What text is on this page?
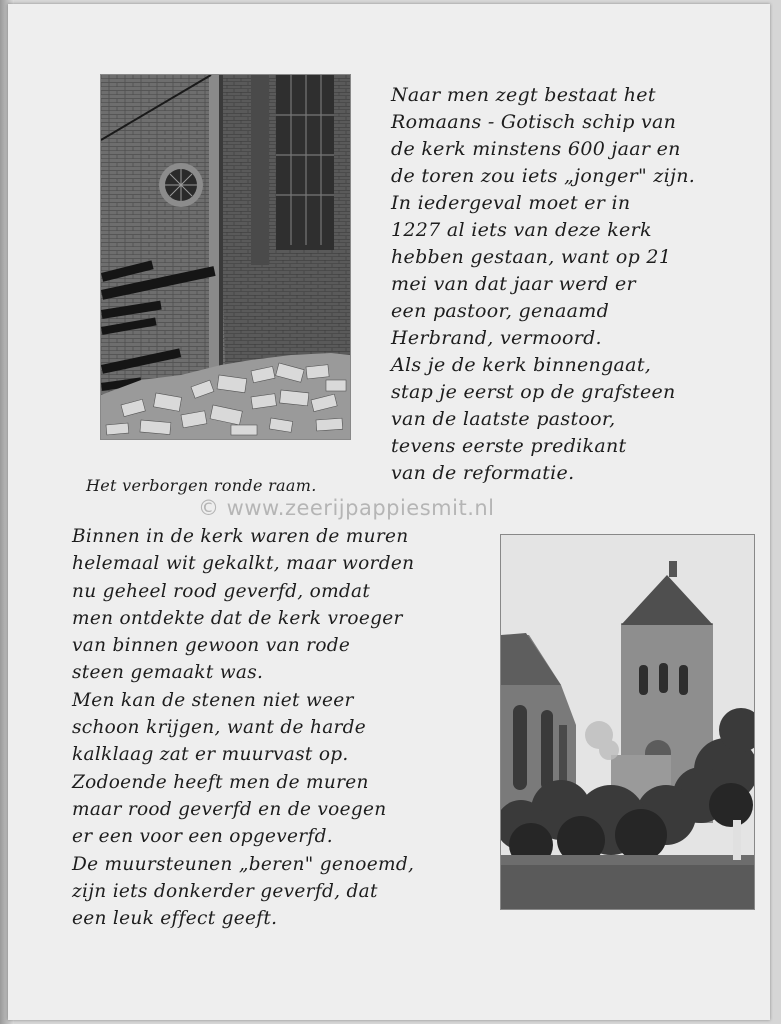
Naar men zegt bestaat het
Romaans - Gotisch schip van
de kerk minstens 600 jaar en
de toren zou iets „jonger" zijn.
In iedergeval moet er in
1227 al iets van deze kerk
hebben gestaan, want op 21
mei van dat jaar werd er
een pastoor, genaamd
Herbrand, vermoord.
Als je de kerk binnengaat,
stap je eerst op de grafsteen
van de laatste pastoor,
tevens eerste predikant
van de reformatie.

Het verborgen ronde raam.

© www.zeerijpappiesmit.nl

Binnen in de kerk waren de muren
helemaal wit gekalkt, maar worden
nu geheel rood geverfd, omdat
men ontdekte dat de kerk vroeger
van binnen gewoon van rode
steen gemaakt was.
Men kan de stenen niet weer
schoon krijgen, want de harde
kalklaag zat er muurvast op.
Zodoende heeft men de muren
maar rood geverfd en de voegen
er een voor een opgeverfd.
De muursteunen „beren" genoemd,
zijn iets donkerder geverfd, dat
een leuk effect geeft.
